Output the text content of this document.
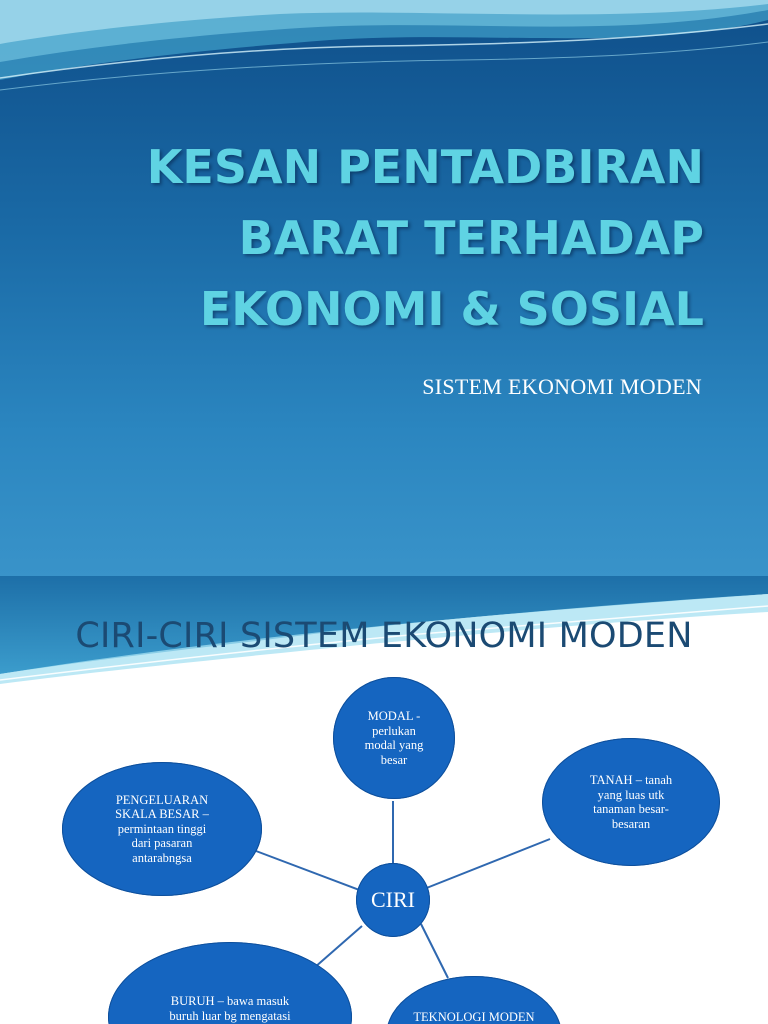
KESAN PENTADBIRAN
BARAT TERHADAP
EKONOMI & SOSIAL

SISTEM EKONOMI MODEN

CIRI-CIRI SISTEM EKONOMI MODEN
CIRI
MODAL -
perlukan
modal yang
besar
TANAH – tanah
yang luas utk
tanaman besar-
besaran
PENGELUARAN
SKALA BESAR –
permintaan tinggi
dari pasaran
antarabngsa
BURUH – bawa masuk
buruh luar bg mengatasi	TEKNOLOGI MODEN
